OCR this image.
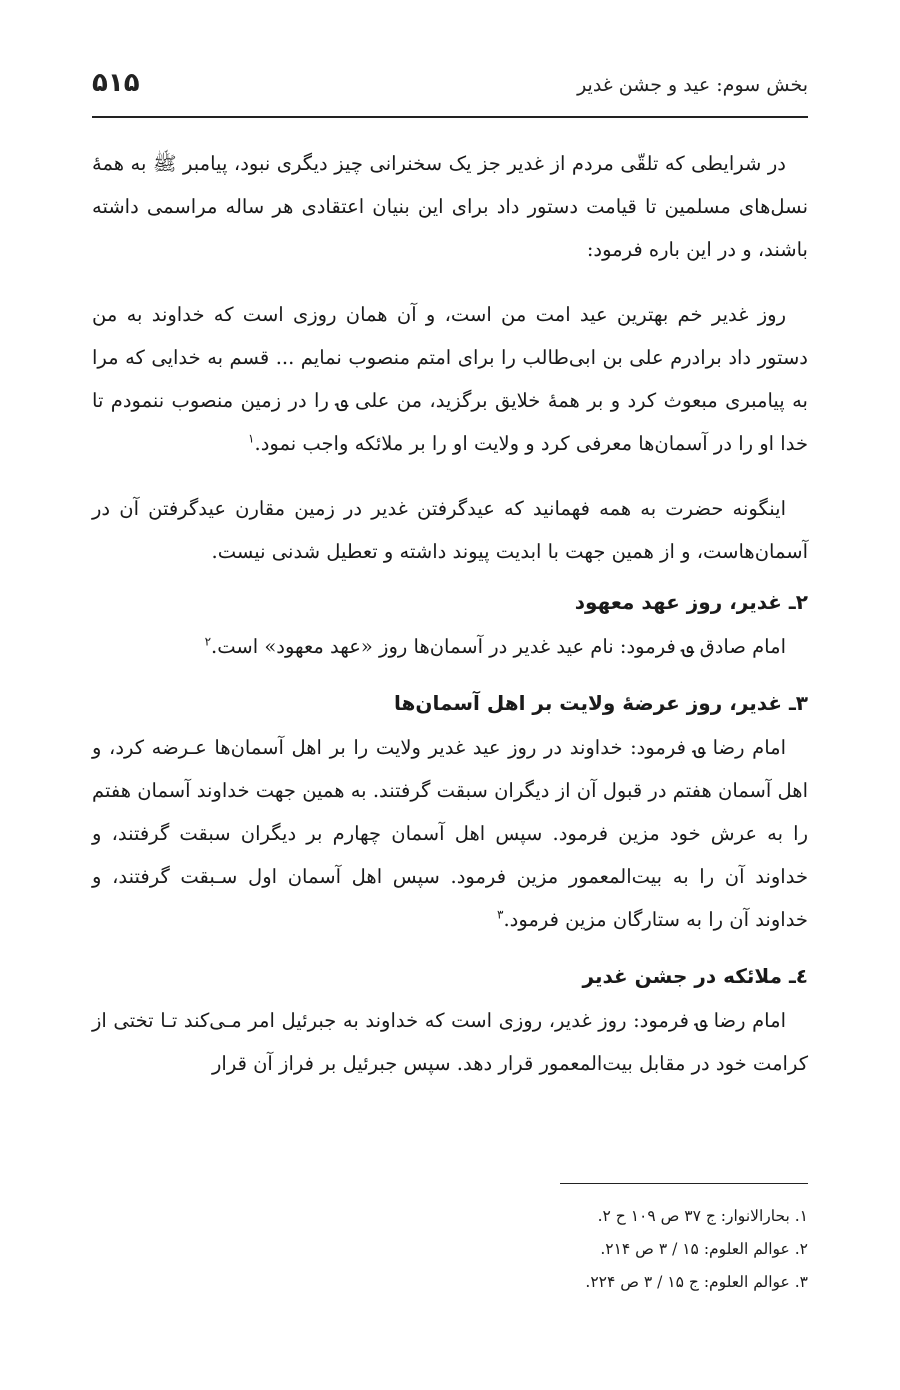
بخش سوم: عید و جشن غدیر
۵۱۵

در شرایطی که تلقّی مردم از غدیر جز یک سخنرانی چیز دیگری نبود، پیامبر ﷺ به همهٔ نسل‌های مسلمین تا قیامت دستور داد برای این بنیان اعتقادی هر ساله مراسمی داشته باشند، و در این باره فرمود:

روز غدیر خم بهترین عید امت من است، و آن همان روزی است که خداوند به من دستور داد برادرم علی بن ابی‌طالب را برای امتم منصوب نمایم ... قسم به خدایی که مرا به پیامبری مبعوث کرد و بر همهٔ خلایق برگزید، من علی ؈ را در زمین منصوب ننمودم تا خدا او را در آسمان‌ها معرفی کرد و ولایت او را بر ملائکه واجب نمود.$^۱$

اینگونه حضرت به همه فهمانید که عیدگرفتن غدیر در زمین مقارن عیدگرفتن آن در آسمان‌هاست، و از همین جهت با ابدیت پیوند داشته و تعطیل شدنی نیست.

۲ـ غدیر، روز عهد معهود

امام صادق ؈ فرمود: نام عید غدیر در آسمان‌ها روز «عهد معهود» است.$^۲$

۳ـ غدیر، روز عرضهٔ ولایت بر اهل آسمان‌ها

امام رضا ؈ فرمود: خداوند در روز عید غدیر ولایت را بر اهل آسمان‌ها عـرضه کرد، و اهل آسمان هفتم در قبول آن از دیگران سبقت گرفتند. به همین جهت خداوند آسمان هفتم را به عرش خود مزین فرمود. سپس اهل آسمان چهارم بر دیگران سبقت گرفتند، و خداوند آن را به بیت‌المعمور مزین فرمود. سپس اهل آسمان اول سـبقت گرفتند، و خداوند آن را به ستارگان مزین فرمود.$^۳$

٤ـ ملائکه در جشن غدیر

امام رضا ؈ فرمود: روز غدیر، روزی است که خداوند به جبرئیل امر مـی‌کند تـا تختی از کرامت خود در مقابل بیت‌المعمور قرار دهد. سپس جبرئیل بر فراز آن قرار

۱. بحارالانوار: ج ۳۷ ص ۱۰۹ ح ۲.
۲. عوالم العلوم: ۱۵ / ۳ ص ۲۱۴.
۳. عوالم العلوم: ج ۱۵ / ۳ ص ۲۲۴.
